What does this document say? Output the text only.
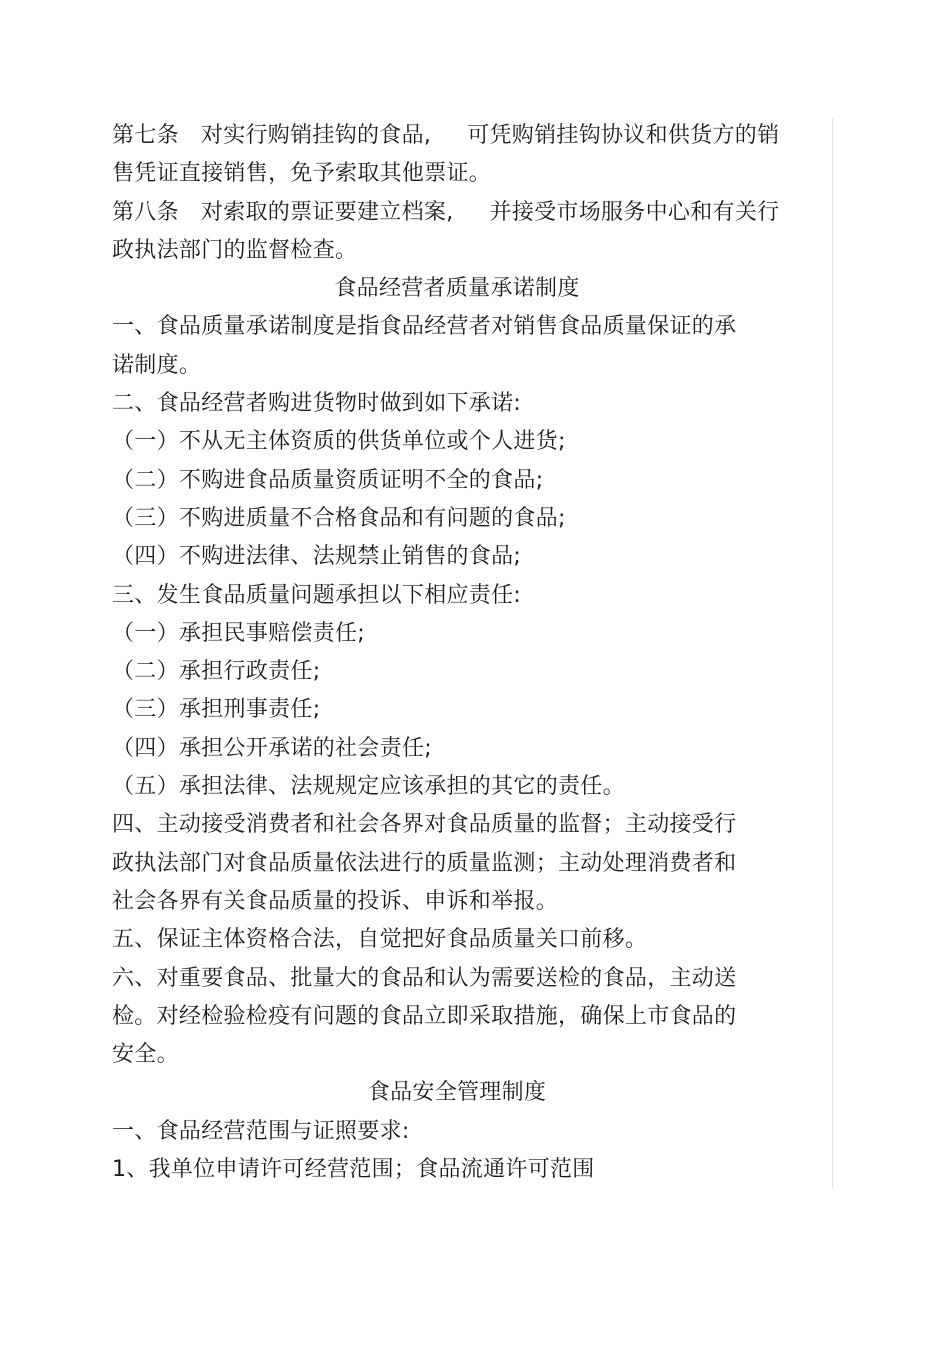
第七条 对实行购销挂钩的食品, 可凭购销挂钩协议和供货方的销
售凭证直接销售，免予索取其他票证。
第八条 对索取的票证要建立档案, 并接受市场服务中心和有关行
政执法部门的监督检查。
食品经营者质量承诺制度
一、食品质量承诺制度是指食品经营者对销售食品质量保证的承
诺制度。
二、食品经营者购进货物时做到如下承诺:
（一）不从无主体资质的供货单位或个人进货;
（二）不购进食品质量资质证明不全的食品;
（三）不购进质量不合格食品和有问题的食品;
（四）不购进法律、法规禁止销售的食品;
三、发生食品质量问题承担以下相应责任:
（一）承担民事赔偿责任;
（二）承担行政责任;
（三）承担刑事责任;
（四）承担公开承诺的社会责任;
（五）承担法律、法规规定应该承担的其它的责任。
四、主动接受消费者和社会各界对食品质量的监督；主动接受行
政执法部门对食品质量依法进行的质量监测；主动处理消费者和
社会各界有关食品质量的投诉、申诉和举报。
五、保证主体资格合法，自觉把好食品质量关口前移。
六、对重要食品、批量大的食品和认为需要送检的食品，主动送
检。对经检验检疫有问题的食品立即采取措施，确保上市食品的
安全。
食品安全管理制度
一、食品经营范围与证照要求:
1、我单位申请许可经营范围；食品流通许可范围
